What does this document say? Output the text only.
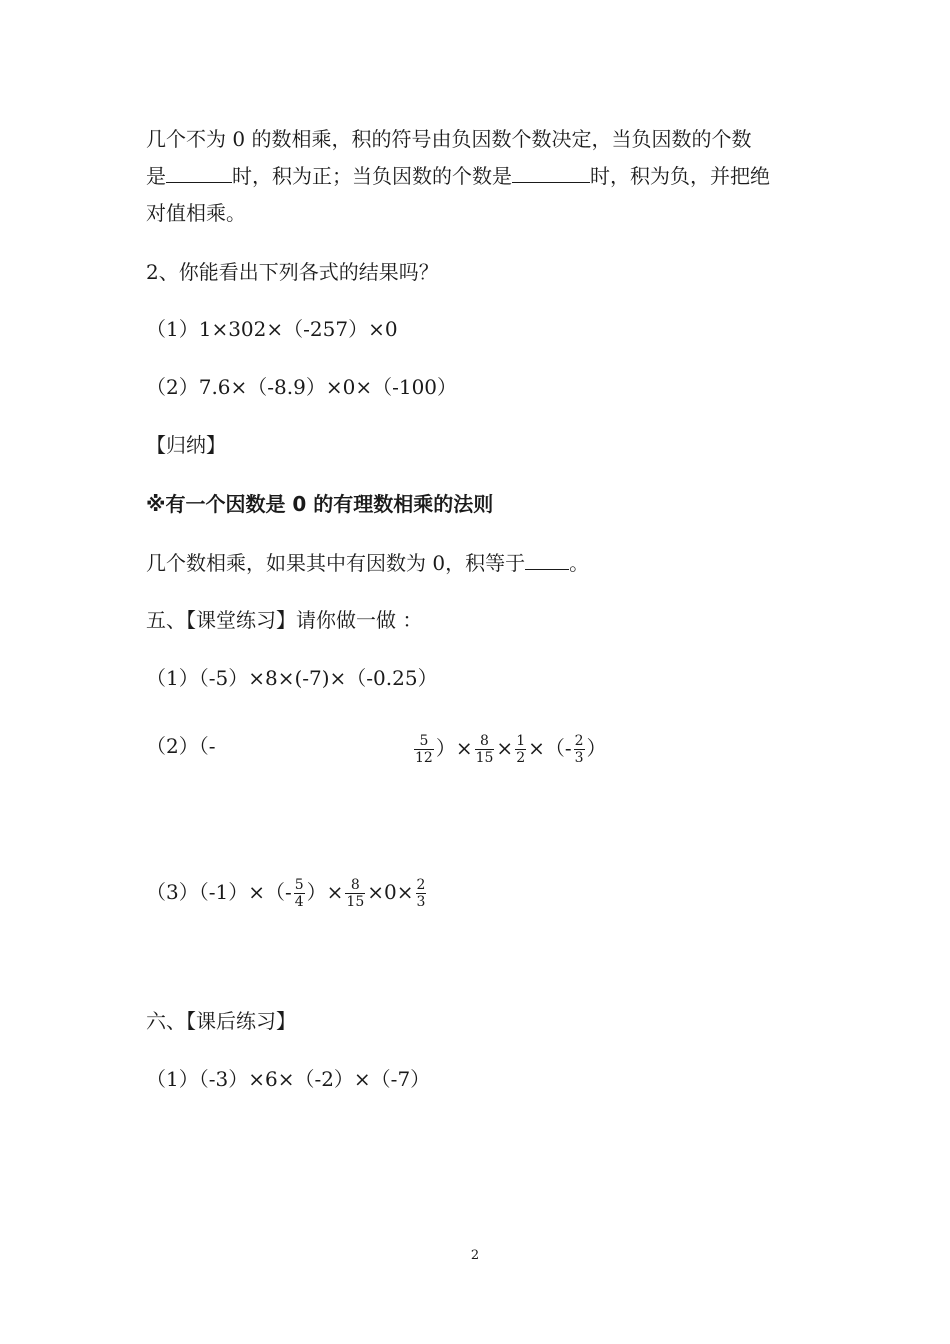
几个不为 0 的数相乘，积的符号由负因数个数决定，当负因数的个数
是	时，积为正；当负因数的个数是	时，积为负，并把绝
对值相乘。
2、你能看出下列各式的结果吗？
（1）1×302×（-257）×0
（2）7.6×（-8.9）×0×（-100）
【归纳】
※有一个因数是 0 的有理数相乘的法则
几个数相乘，如果其中有因数为 0，积等于 。
五、【课堂练习】请你做一做 ：
（1）（-5）×8×(-7)×（-0.25）
（2）（-	$\frac{5}{12}$ ）× $\frac{8}{15} \times \frac{1}{2}$ ×（- $\frac{2}{3}$ ）
$(3)(-1)\times(- \frac{5}{4}$ ）× $\frac{8}{15} \times 0\times \frac{2}{3}$
六、【课后练习】
（1）（-3）×6×（-2）×（-7）
2
